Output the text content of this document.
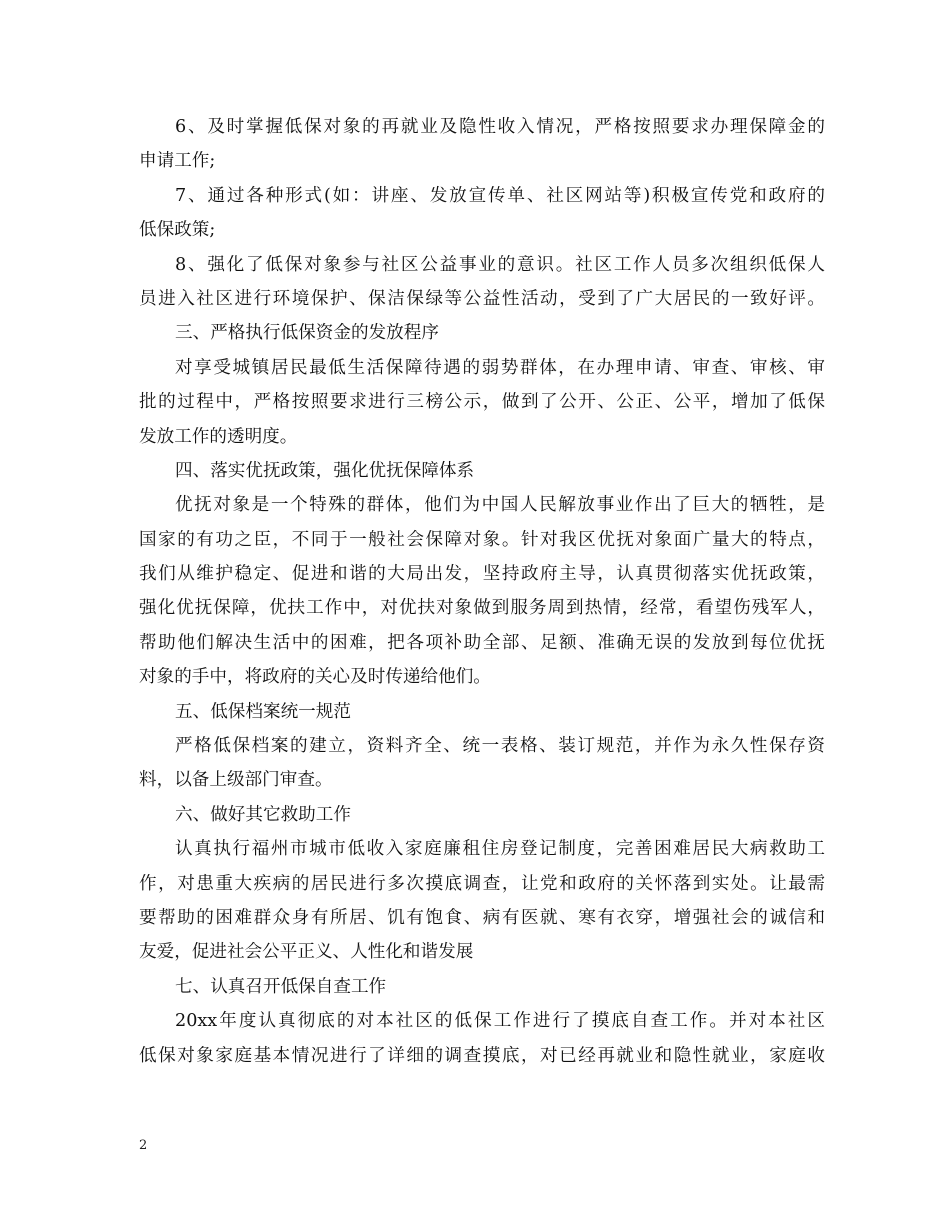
6、及时掌握低保对象的再就业及隐性收入情况，严格按照要求办理保障金的
申请工作;
7、通过各种形式(如：讲座、发放宣传单、社区网站等)积极宣传党和政府的
低保政策;
8、强化了低保对象参与社区公益事业的意识。社区工作人员多次组织低保人
员进入社区进行环境保护、保洁保绿等公益性活动，受到了广大居民的一致好评。
三、严格执行低保资金的发放程序
对享受城镇居民最低生活保障待遇的弱势群体，在办理申请、审查、审核、审
批的过程中，严格按照要求进行三榜公示，做到了公开、公正、公平，增加了低保
发放工作的透明度。
四、落实优抚政策，强化优抚保障体系
优抚对象是一个特殊的群体，他们为中国人民解放事业作出了巨大的牺牲，是
国家的有功之臣，不同于一般社会保障对象。针对我区优抚对象面广量大的特点，
我们从维护稳定、促进和谐的大局出发，坚持政府主导，认真贯彻落实优抚政策，
强化优抚保障，优扶工作中，对优扶对象做到服务周到热情，经常，看望伤残军人，
帮助他们解决生活中的困难，把各项补助全部、足额、准确无误的发放到每位优抚
对象的手中，将政府的关心及时传递给他们。
五、低保档案统一规范
严格低保档案的建立，资料齐全、统一表格、装订规范，并作为永久性保存资
料，以备上级部门审查。
六、做好其它救助工作
认真执行福州市城市低收入家庭廉租住房登记制度，完善困难居民大病救助工
作，对患重大疾病的居民进行多次摸底调查，让党和政府的关怀落到实处。让最需
要帮助的困难群众身有所居、饥有饱食、病有医就、寒有衣穿，增强社会的诚信和
友爱，促进社会公平正义、人性化和谐发展
七、认真召开低保自查工作
20xx年度认真彻底的对本社区的低保工作进行了摸底自查工作。并对本社区
低保对象家庭基本情况进行了详细的调查摸底，对已经再就业和隐性就业，家庭收
2
